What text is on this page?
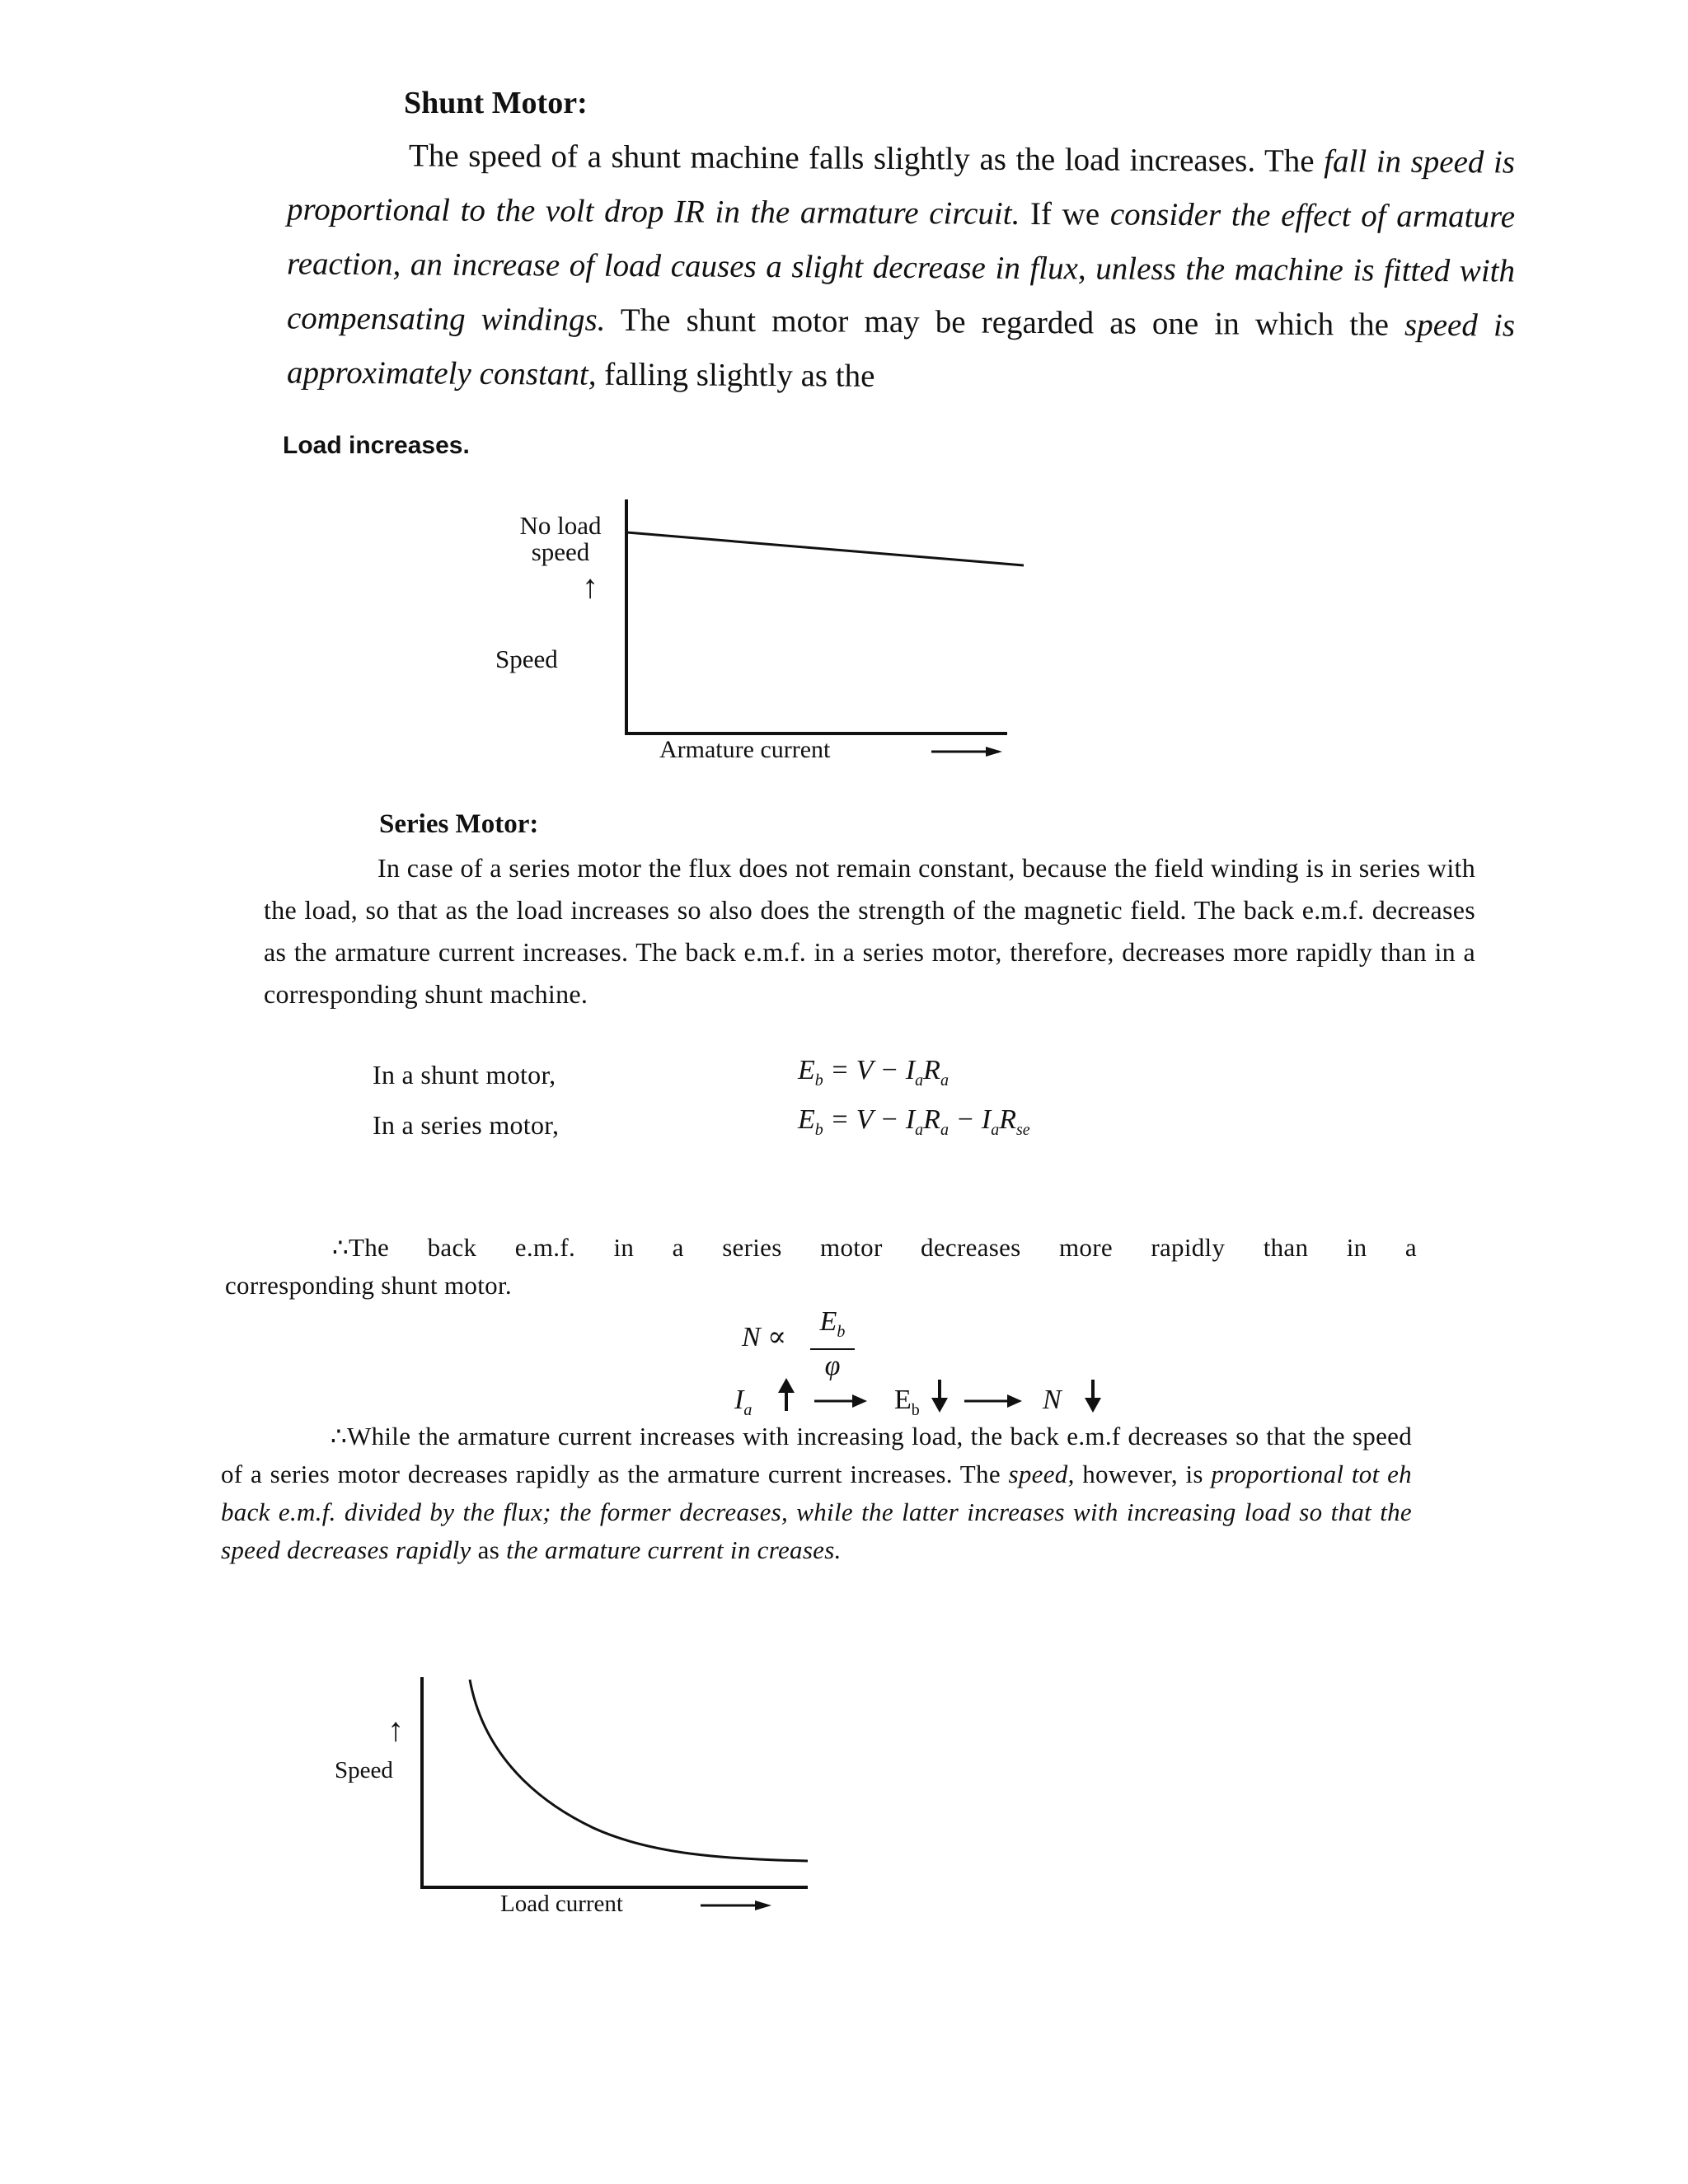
Shunt Motor:
The speed of a shunt machine falls slightly as the load increases. The fall in speed is proportional to the volt drop IR in the armature circuit. If we consider the effect of armature reaction, an increase of load causes a slight decrease in flux, unless the machine is fitted with compensating windings. The shunt motor may be regarded as one in which the speed is approximately constant, falling slightly as the
Load increases.
No load
speed
↑
Speed
Armature current
Series Motor:
In case of a series motor the flux does not remain constant, because the field winding is in series with the load, so that as the load increases so also does the strength of the magnetic field. The back e.m.f. decreases as the armature current increases. The back e.m.f. in a series motor, therefore, decreases more rapidly than in a corresponding shunt machine.
In a shunt motor,	$E_b = V - I_aR_a$
In a series motor,	$E_b = V - I_aR_a - I_aR_{se}$
∴The back e.m.f. in a series motor decreases more rapidly than in a
corresponding shunt motor.
N ∝
$E_b$
φ
$I_a$	$E_b$	N
∴While the armature current increases with increasing load, the back e.m.f decreases so that the speed of a series motor decreases rapidly as the armature current increases. The speed, however, is proportional tot eh back e.m.f. divided by the flux; the former decreases, while the latter increases with increasing load so that the speed decreases rapidly as the armature current in creases.
↑
Speed
Load current
